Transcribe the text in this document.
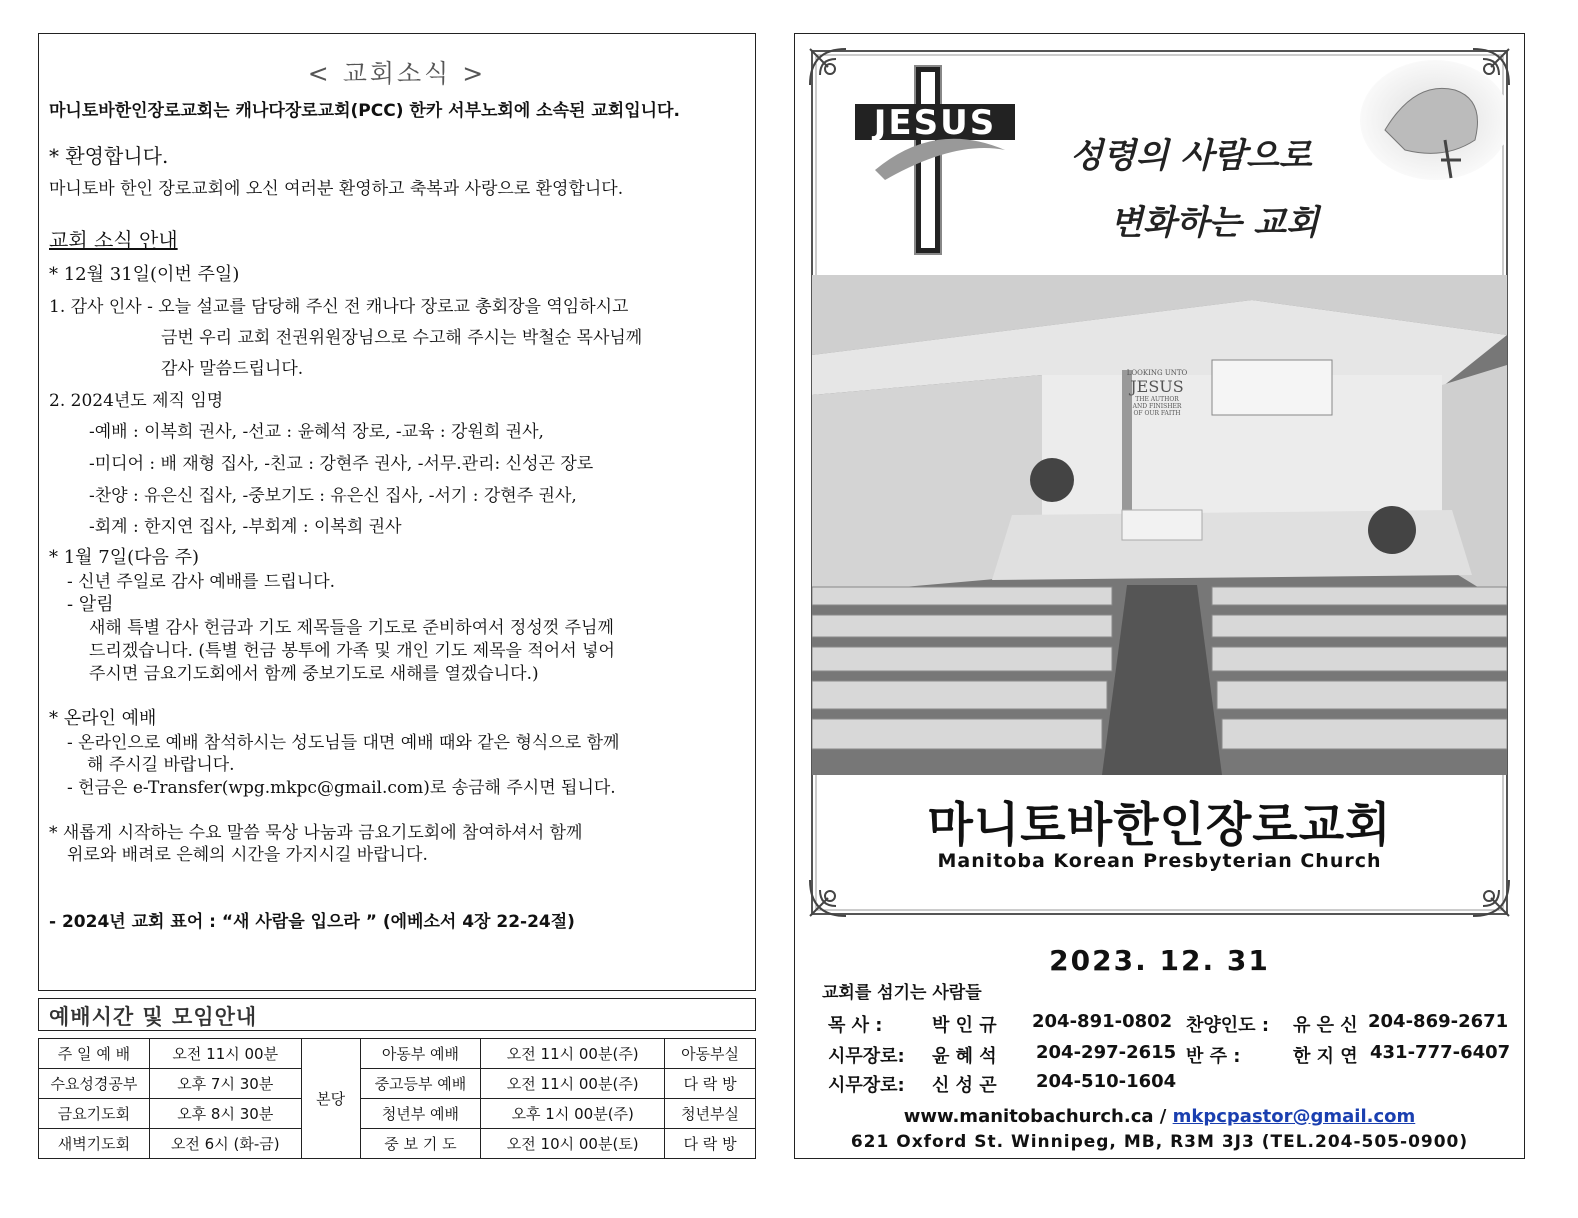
< 교회소식 >
마니토바한인장로교회는 캐나다장로교회(PCC) 한카 서부노회에 소속된 교회입니다.
* 환영합니다.
마니토바 한인 장로교회에 오신 여러분 환영하고 축복과 사랑으로 환영합니다.
교회 소식 안내
* 12월 31일(이번 주일)
1. 감사 인사 - 오늘 설교를 담당해 주신 전 캐나다 장로교 총회장을 역임하시고
금번 우리 교회 전권위원장님으로 수고해 주시는 박철순 목사님께
감사 말씀드립니다.
2. 2024년도 제직 임명
-예배 : 이복희 권사, -선교 : 윤혜석 장로, -교육 : 강원희 권사,
-미디어 : 배 재형 집사, -친교 : 강현주 권사, -서무.관리: 신성곤 장로
-찬양 : 유은신 집사, -중보기도 : 유은신 집사, -서기 : 강현주 권사,
-회계 : 한지연 집사, -부회계 : 이복희 권사
* 1월 7일(다음 주)
- 신년 주일로 감사 예배를 드립니다.
- 알림
새해 특별 감사 헌금과 기도 제목들을 기도로 준비하여서 정성껏 주님께
드리겠습니다. (특별 헌금 봉투에 가족 및 개인 기도 제목을 적어서 넣어
주시면 금요기도회에서 함께 중보기도로 새해를 열겠습니다.)
* 온라인 예배
- 온라인으로 예배 참석하시는 성도님들 대면 예배 때와 같은 형식으로 함께
해 주시길 바랍니다.
- 헌금은 e-Transfer(wpg.mkpc@gmail.com)로 송금해 주시면 됩니다.
* 새롭게 시작하는 수요 말씀 묵상 나눔과 금요기도회에 참여하셔서 함께
위로와 배려로 은혜의 시간을 가지시길 바랍니다.
- 2024년 교회 표어 : “새 사람을 입으라 ” (에베소서 4장 22-24절)
예배시간 및 모임안내
주 일 예 배	오전 11시 00분	본당	아동부 예배	오전 11시 00분(주)	아동부실
수요성경공부	오후 7시 30분		중고등부 예배	오전 11시 00분(주)	다 락 방
금요기도회	오후 8시 30분		청년부 예배	오후 1시 00분(주)	청년부실
새벽기도회	오전 6시 (화-금)		중 보 기 도	오전 10시 00분(토)	다 락 방
JESUS
성령의 사람으로
변화하는 교회
LOOKING UNTO
JESUS
THE AUTHOR
AND FINISHER
OF OUR FAITH
마니토바한인장로교회
Manitoba Korean Presbyterian Church
2023. 12. 31
교회를 섬기는 사람들
목 사 :	박 인 규 204-891-0802 찬양인도 : 유 은 신 204-869-2671
시무장로: 윤 혜 석 204-297-2615 반 주 :	한 지 연 431-777-6407
시무장로: 신 성 곤 204-510-1604
www.manitobachurch.ca / mkpcpastor@gmail.com
621 Oxford St. Winnipeg, MB, R3M 3J3 (TEL.204-505-0900)
